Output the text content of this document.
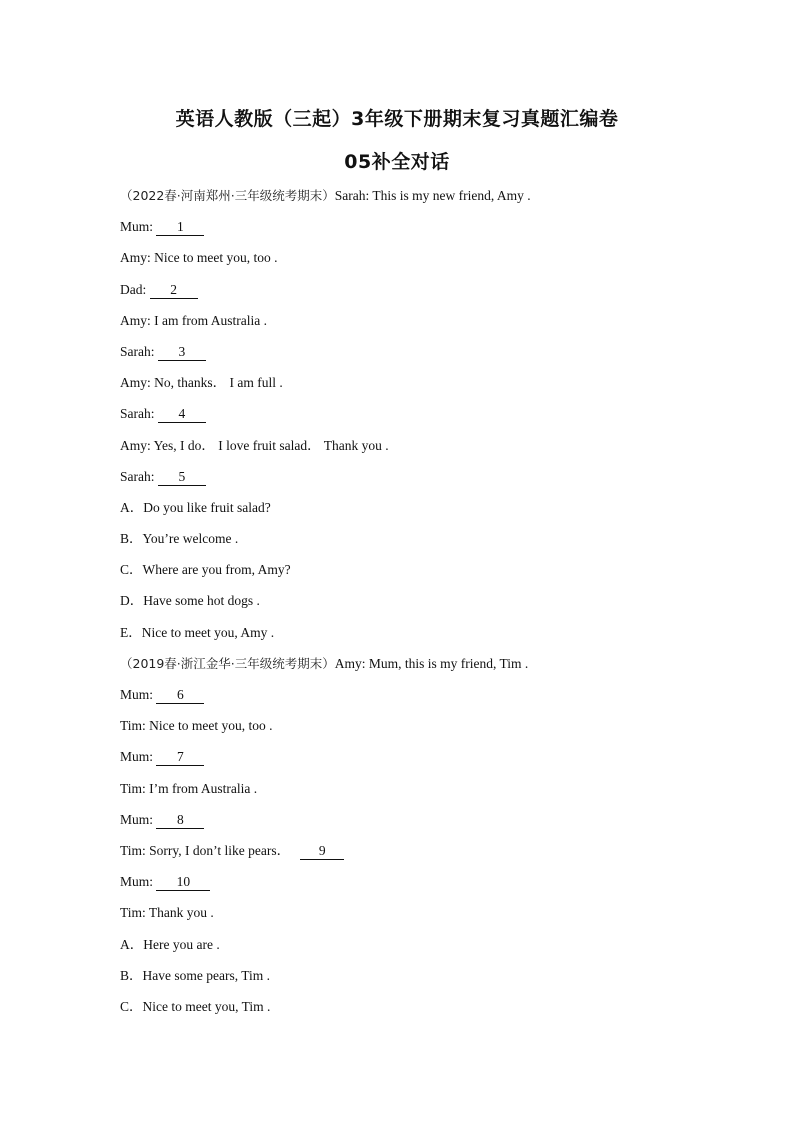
英语人教版（三起）3年级下册期末复习真题汇编卷
05补全对话
（2022春·河南郑州·三年级统考期末）Sarah: This is my new friend, Amy .
Mum: 1
Amy: Nice to meet you, too .
Dad: 2
Amy: I am from Australia .
Sarah: 3
Amy: No, thanks． I am full .
Sarah: 4
Amy: Yes, I do． I love fruit salad． Thank you .
Sarah: 5
A．Do you like fruit salad?
B．You’re welcome .
C．Where are you from, Amy?
D．Have some hot dogs .
E．Nice to meet you, Amy .
（2019春·浙江金华·三年级统考期末）Amy: Mum, this is my friend, Tim .
Mum: 6
Tim: Nice to meet you, too .
Mum: 7
Tim: I’m from Australia .
Mum: 8
Tim: Sorry, I don’t like pears． 9
Mum: 10
Tim: Thank you .
A．Here you are .
B．Have some pears, Tim .
C．Nice to meet you, Tim .
